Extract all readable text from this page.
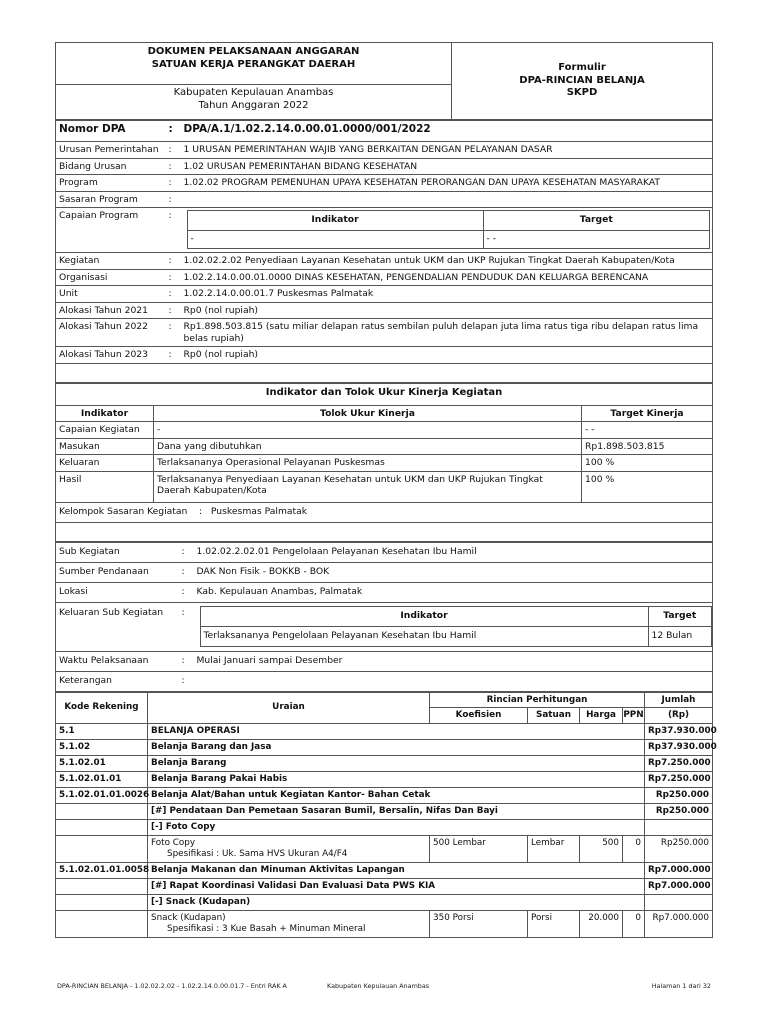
DOKUMEN PELAKSANAAN ANGGARAN
SATUAN KERJA PERANGKAT DAERAH	Formulir
DPA-RINCIAN BELANJA
SKPD

Kabupaten Kepulauan Anambas
Tahun Anggaran 2022
Nomor DPA	:	DPA/A.1/1.02.2.14.0.00.01.0000/001/2022
Urusan Pemerintahan	:	1 URUSAN PEMERINTAHAN WAJIB YANG BERKAITAN DENGAN PELAYANAN DASAR
Bidang Urusan	:	1.02 URUSAN PEMERINTAHAN BIDANG KESEHATAN
Program	:	1.02.02 PROGRAM PEMENUHAN UPAYA KESEHATAN PERORANGAN DAN UPAYA KESEHATAN MASYARAKAT
Sasaran Program	:	
Capaian Program	:		Indikator	Target
-	- -

Kegiatan	:	1.02.02.2.02 Penyediaan Layanan Kesehatan untuk UKM dan UKP Rujukan Tingkat Daerah Kabupaten/Kota
Organisasi	:	1.02.2.14.0.00.01.0000 DINAS KESEHATAN, PENGENDALIAN PENDUDUK DAN KELUARGA BERENCANA
Unit	:	1.02.2.14.0.00.01.7 Puskesmas Palmatak
Alokasi Tahun 2021	:	Rp0 (nol rupiah)
Alokasi Tahun 2022	:	Rp1.898.503.815 (satu miliar delapan ratus sembilan puluh delapan juta lima ratus tiga ribu delapan ratus lima belas rupiah)
Alokasi Tahun 2023	:	Rp0 (nol rupiah)

Indikator dan Tolok Ukur Kinerja Kegiatan		
Indikator	Tolok Ukur Kinerja	Target Kinerja
Capaian Kegiatan	-	- -
Masukan	Dana yang dibutuhkan	Rp1.898.503.815
Keluaran	Terlaksananya Operasional Pelayanan Puskesmas	100 %
Hasil	Terlaksananya Penyediaan Layanan Kesehatan untuk UKM dan UKP Rujukan Tingkat Daerah Kabupaten/Kota	100 %
Kelompok Sasaran Kegiatan : Puskesmas Palmatak		

Sub Kegiatan	:	1.02.02.2.02.01 Pengelolaan Pelayanan Kesehatan Ibu Hamil
Sumber Pendanaan	:	DAK Non Fisik - BOKKB - BOK
Lokasi	:	Kab. Kepulauan Anambas, Palmatak
Keluaran Sub Kegiatan	:		Indikator	Target
Terlaksananya Pengelolaan Pelayanan Kesehatan Ibu Hamil	12 Bulan

Waktu Pelaksanaan	:	Mulai Januari sampai Desember
Keterangan	:	
Kode Rekening	Uraian	Rincian Perhitungan				Jumlah
		Koefisien	Satuan	Harga	PPN	(Rp)
5.1	BELANJA OPERASI					Rp37.930.000
5.1.02	Belanja Barang dan Jasa					Rp37.930.000
5.1.02.01	Belanja Barang					Rp7.250.000
5.1.02.01.01	Belanja Barang Pakai Habis					Rp7.250.000
5.1.02.01.01.0026	Belanja Alat/Bahan untuk Kegiatan Kantor- Bahan Cetak					Rp250.000
	[#] Pendataan Dan Pemetaan Sasaran Bumil, Bersalin, Nifas Dan Bayi					Rp250.000
	[-] Foto Copy					

	Foto Copy
Spesifikasi : Uk. Sama HVS Ukuran A4/F4	500 Lembar	Lembar	500	0	Rp250.000
5.1.02.01.01.0058	Belanja Makanan dan Minuman Aktivitas Lapangan					Rp7.000.000
	[#] Rapat Koordinasi Validasi Dan Evaluasi Data PWS KIA					Rp7.000.000
	[-] Snack (Kudapan)					

	Snack (Kudapan)
Spesifikasi : 3 Kue Basah + Minuman Mineral	350 Porsi	Porsi	20.000	0	Rp7.000.000
DPA-RINCIAN BELANJA - 1.02.02.2.02 - 1.02.2.14.0.00.01.7 - Entri RAK A	Kabupaten Kepulauan Anambas	Halaman 1 dari 32
